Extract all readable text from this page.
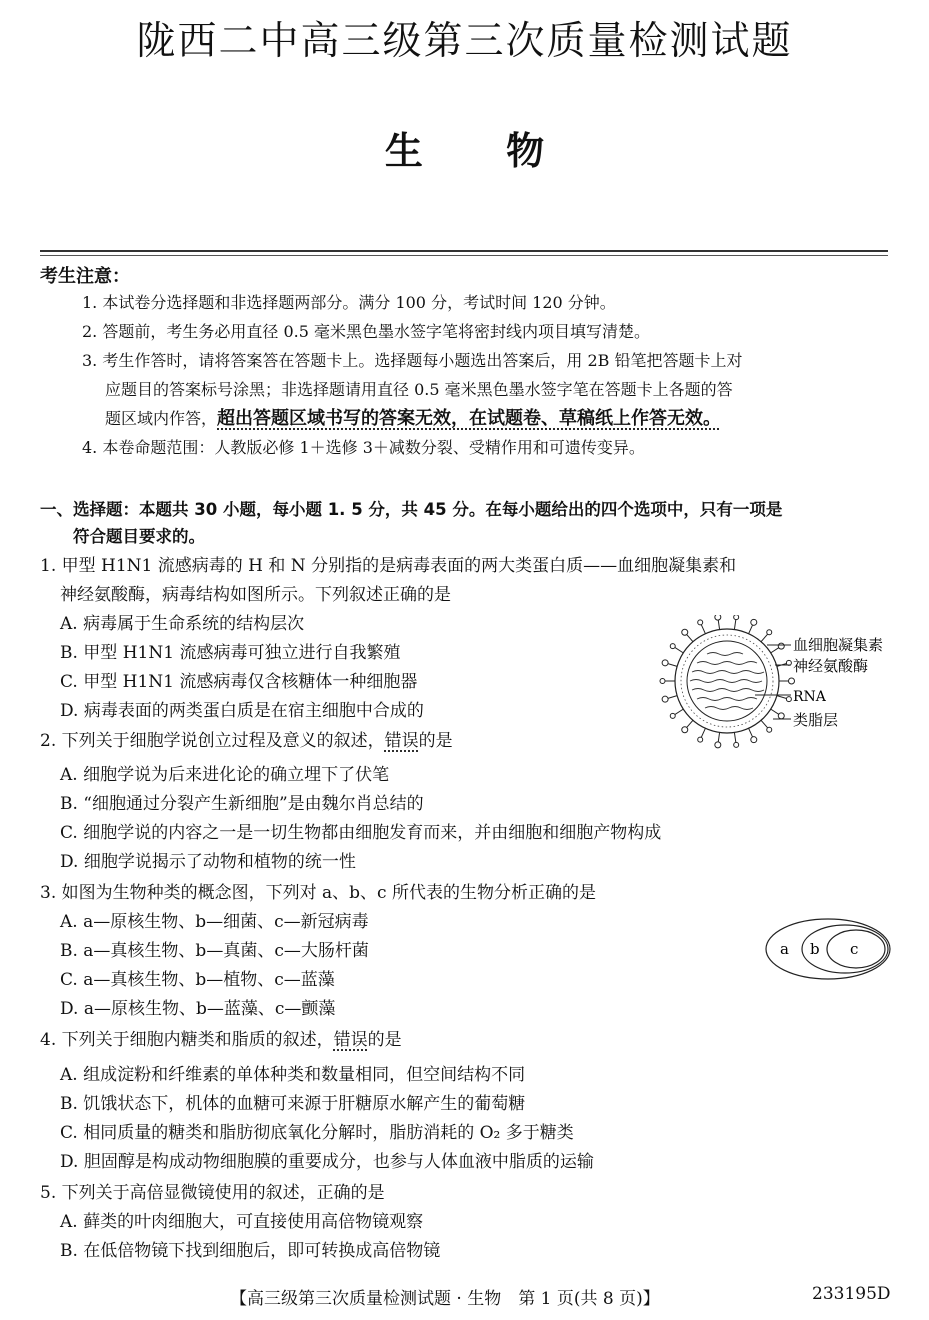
陇西二中高三级第三次质量检测试题
生 物
考生注意：
1. 本试卷分选择题和非选择题两部分。满分 100 分，考试时间 120 分钟。
2. 答题前，考生务必用直径 0.5 毫米黑色墨水签字笔将密封线内项目填写清楚。
3. 考生作答时，请将答案答在答题卡上。选择题每小题选出答案后，用 2B 铅笔把答题卡上对
应题目的答案标号涂黑；非选择题请用直径 0.5 毫米黑色墨水签字笔在答题卡上各题的答
题区域内作答，超出答题区域书写的答案无效，在试题卷、草稿纸上作答无效。
4. 本卷命题范围：人教版必修 1＋选修 3＋减数分裂、受精作用和可遗传变异。
一、选择题：本题共 30 小题，每小题 1. 5 分，共 45 分。在每小题给出的四个选项中，只有一项是
符合题目要求的。
1. 甲型 H1N1 流感病毒的 H 和 N 分别指的是病毒表面的两大类蛋白质——血细胞凝集素和
神经氨酸酶，病毒结构如图所示。下列叙述正确的是
A. 病毒属于生命系统的结构层次
B. 甲型 H1N1 流感病毒可独立进行自我繁殖
C. 甲型 H1N1 流感病毒仅含核糖体一种细胞器
D. 病毒表面的两类蛋白质是在宿主细胞中合成的
血细胞凝集素
神经氨酸酶
RNA
类脂层
2. 下列关于细胞学说创立过程及意义的叙述，错误的是
A. 细胞学说为后来进化论的确立埋下了伏笔
B. “细胞通过分裂产生新细胞”是由魏尔肖总结的
C. 细胞学说的内容之一是一切生物都由细胞发育而来，并由细胞和细胞产物构成
D. 细胞学说揭示了动物和植物的统一性
3. 如图为生物种类的概念图，下列对 a、b、c 所代表的生物分析正确的是
A. a—原核生物、b—细菌、c—新冠病毒
B. a—真核生物、b—真菌、c—大肠杆菌
C. a—真核生物、b—植物、c—蓝藻
D. a—原核生物、b—蓝藻、c—颤藻
a b c
4. 下列关于细胞内糖类和脂质的叙述，错误的是
A. 组成淀粉和纤维素的单体种类和数量相同，但空间结构不同
B. 饥饿状态下，机体的血糖可来源于肝糖原水解产生的葡萄糖
C. 相同质量的糖类和脂肪彻底氧化分解时，脂肪消耗的 O₂ 多于糖类
D. 胆固醇是构成动物细胞膜的重要成分，也参与人体血液中脂质的运输
5. 下列关于高倍显微镜使用的叙述，正确的是
A. 藓类的叶肉细胞大，可直接使用高倍物镜观察
B. 在低倍物镜下找到细胞后，即可转换成高倍物镜
【高三级第三次质量检测试题 · 生物　第 1 页(共 8 页)】	233195D
